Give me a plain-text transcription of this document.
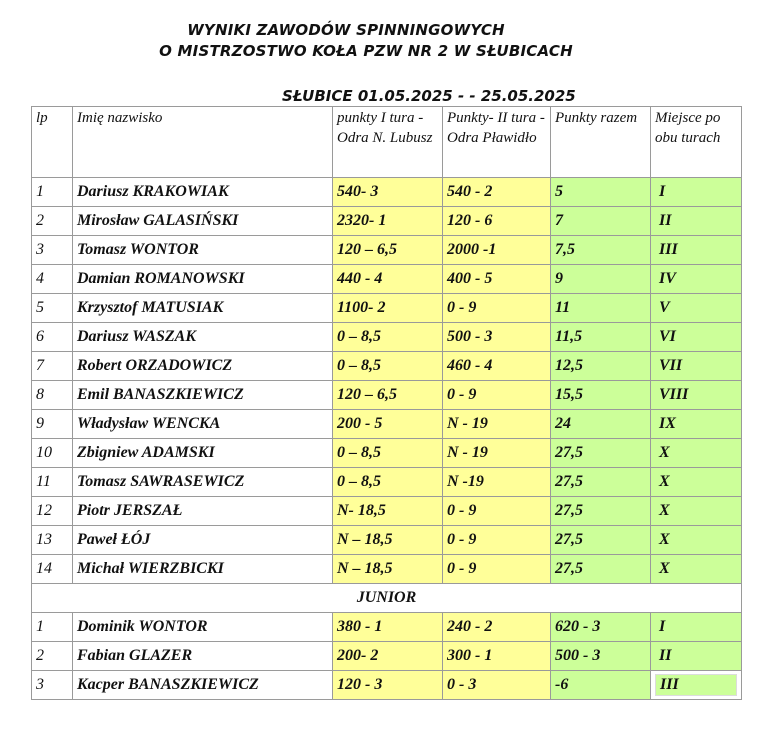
WYNIKI ZAWODÓW SPINNINGOWYCH
O MISTRZOSTWO KOŁA PZW NR 2 W SŁUBICACH
SŁUBICE 01.05.2025 - - 25.05.2025
lp	Imię nazwisko	punkty I tura -Odra N. Lubusz	Punkty- II tura -Odra Pławidło	Punkty razem	Miejsce po obu turach
1	Dariusz KRAKOWIAK	540- 3	540 - 2	5	I
2	Mirosław GALASIŃSKI	2320- 1	120 - 6	7	II
3	Tomasz WONTOR	120 – 6,5	2000 -1	7,5	III
4	Damian ROMANOWSKI	440 - 4	400 - 5	9	IV
5	Krzysztof MATUSIAK	1100- 2	0 - 9	11	V
6	Dariusz WASZAK	0 – 8,5	500 - 3	11,5	VI
7	Robert ORZADOWICZ	0 – 8,5	460 - 4	12,5	VII
8	Emil BANASZKIEWICZ	120 – 6,5	0 - 9	15,5	VIII
9	Władysław WENCKA	200 - 5	N - 19	24	IX
10	Zbigniew ADAMSKI	0 – 8,5	N - 19	27,5	X
11	Tomasz SAWRASEWICZ	0 – 8,5	N -19	27,5	X
12	Piotr JERSZAŁ	N- 18,5	0 - 9	27,5	X
13	Paweł ŁÓJ	N – 18,5	0 - 9	27,5	X
14	Michał WIERZBICKI	N – 18,5	0 - 9	27,5	X
JUNIOR					
1	Dominik WONTOR	380 - 1	240 - 2	620 - 3	I
2	Fabian GLAZER	200- 2	300 - 1	500 - 3	II
3	Kacper BANASZKIEWICZ	120 - 3	0 - 3	-6	III
